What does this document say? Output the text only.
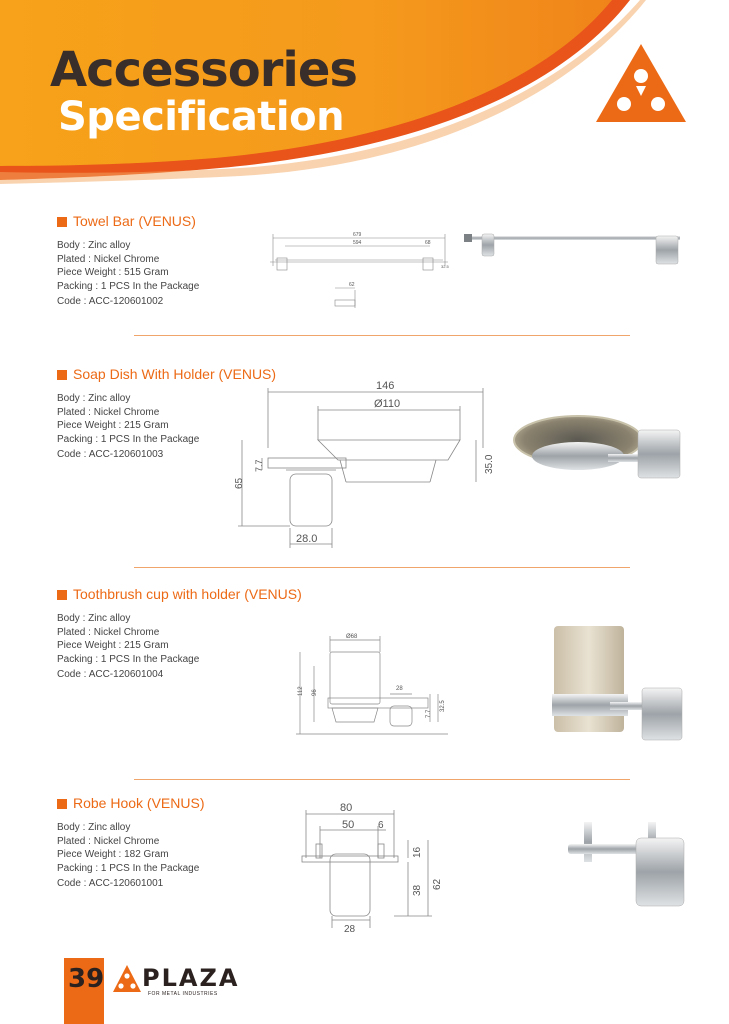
Accessories
Specification
Towel Bar (VENUS)
Body : Zinc alloy
Plated : Nickel Chrome
Piece Weight : 515 Gram
Packing : 1 PCS In the Package
Code : ACC-120601002
679
594	68
62
32.5
Soap Dish With Holder (VENUS)
Body : Zinc alloy
Plated : Nickel Chrome
Piece Weight : 215 Gram
Packing : 1 PCS In the Package
Code : ACC-120601003
146
Ø110
65
7.7	35.0
28.0
Toothbrush cup with holder (VENUS)
Body : Zinc alloy
Plated : Nickel Chrome
Piece Weight : 215 Gram
Packing : 1 PCS In the Package
Code : ACC-120601004
Ø68
112 96
28
7.7
32.5
Robe Hook (VENUS)
Body : Zinc alloy
Plated : Nickel Chrome
Piece Weight : 182 Gram
Packing : 1 PCS In the Package
Code : ACC-120601001
80
50 6
16
38
62
28
39 PLAZA
FOR METAL INDUSTRIES
